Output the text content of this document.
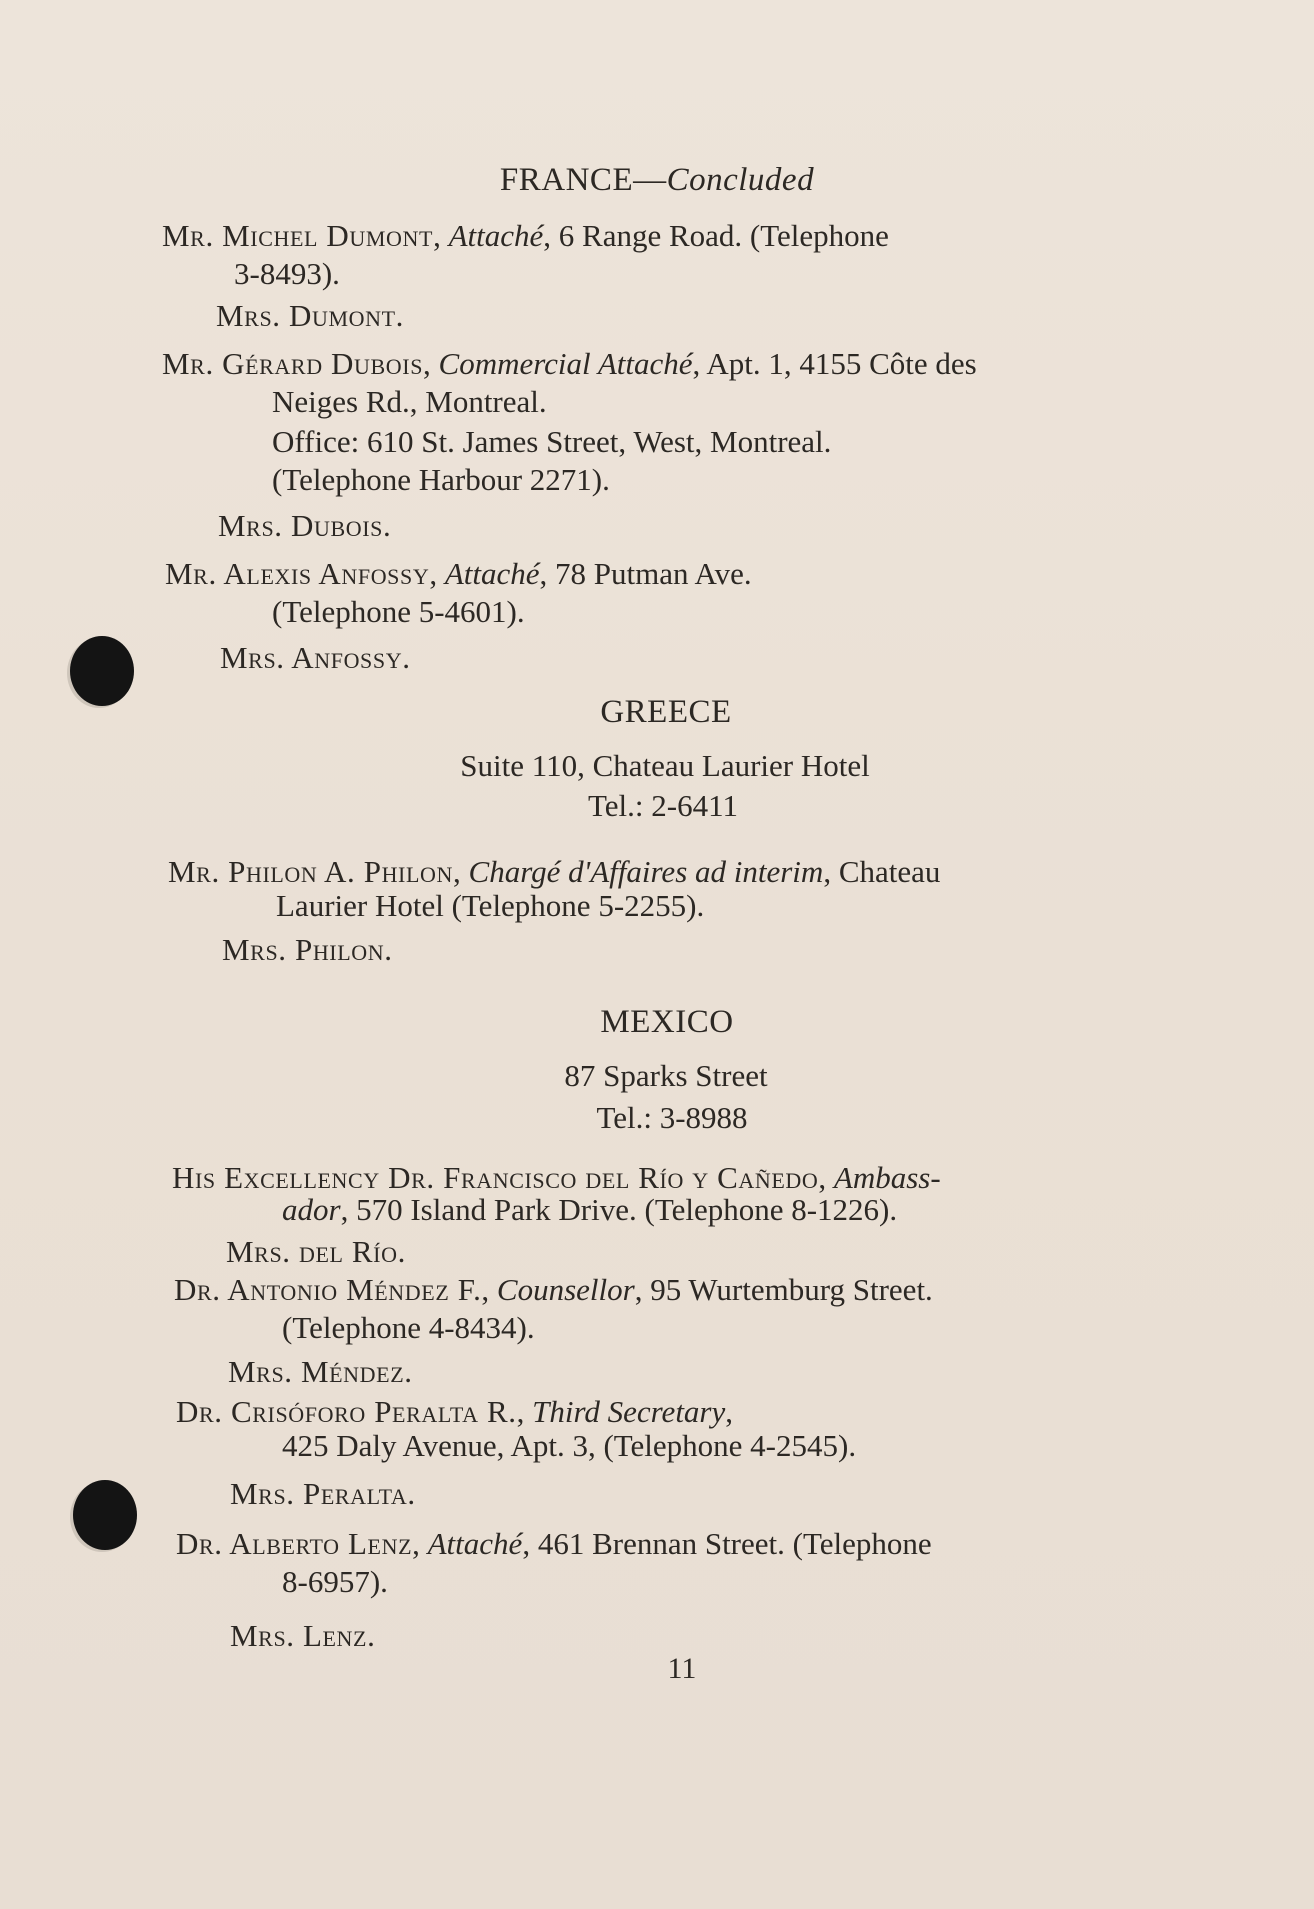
FRANCE—Concluded
Mr. Michel Dumont, Attaché, 6 Range Road. (Telephone
3-8493).
Mrs. Dumont.
Mr. Gérard Dubois, Commercial Attaché, Apt. 1, 4155 Côte des
Neiges Rd., Montreal.
Office: 610 St. James Street, West, Montreal.
(Telephone Harbour 2271).
Mrs. Dubois.
Mr. Alexis Anfossy, Attaché, 78 Putman Ave.
(Telephone 5-4601).
Mrs. Anfossy.
GREECE
Suite 110, Chateau Laurier Hotel
Tel.: 2-6411
Mr. Philon A. Philon, Chargé d'Affaires ad interim, Chateau
Laurier Hotel (Telephone 5-2255).
Mrs. Philon.
MEXICO
87 Sparks Street
Tel.: 3-8988
His Excellency Dr. Francisco del Río y Cañedo, Ambass-
ador, 570 Island Park Drive. (Telephone 8-1226).
Mrs. del Río.
Dr. Antonio Méndez F., Counsellor, 95 Wurtemburg Street.
(Telephone 4-8434).
Mrs. Méndez.
Dr. Crisóforo Peralta R., Third Secretary,
425 Daly Avenue, Apt. 3, (Telephone 4-2545).
Mrs. Peralta.
Dr. Alberto Lenz, Attaché, 461 Brennan Street. (Telephone
8-6957).
Mrs. Lenz.
11
